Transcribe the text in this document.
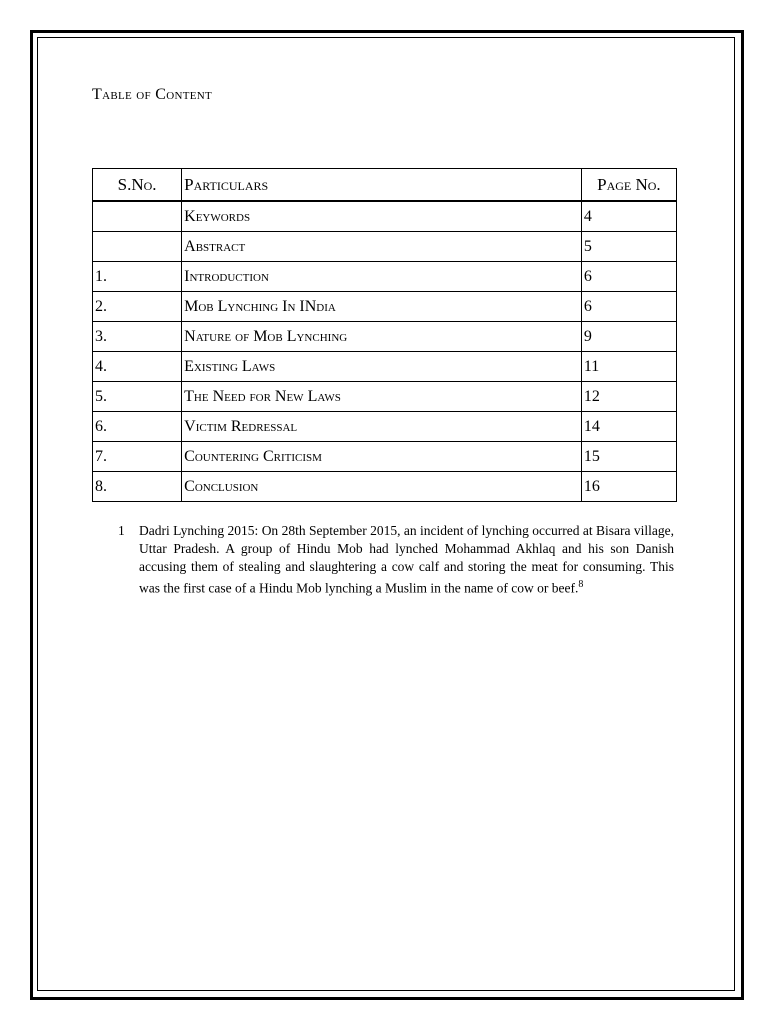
Table of Content
S.No.	Particulars	Page No.
	Keywords	4
	Abstract	5
1.	Introduction	6
2.	Mob Lynching In INdia	6
3.	Nature of Mob Lynching	9
4.	Existing Laws	11
5.	The Need for New Laws	12
6.	Victim Redressal	14
7.	Countering Criticism	15
8.	Conclusion	16
1 Dadri Lynching 2015: On 28th September 2015, an incident of lynching occurred at Bisara village, Uttar Pradesh. A group of Hindu Mob had lynched Mohammad Akhlaq and his son Danish accusing them of stealing and slaughtering a cow calf and storing the meat for consuming. This was the first case of a Hindu Mob lynching a Muslim in the name of cow or beef.$^8$
